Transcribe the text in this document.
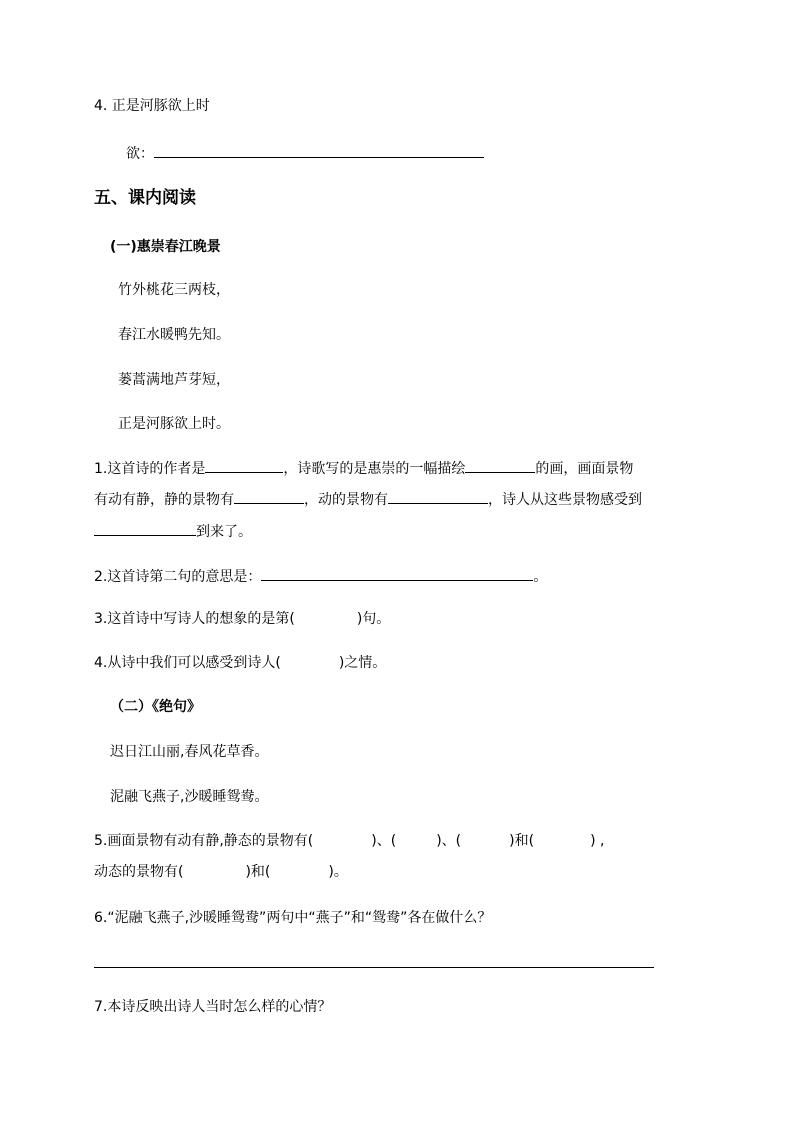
4. 正是河豚欲上时
欲：
五、课内阅读
(一)惠崇春江晚景
竹外桃花三两枝，
春江水暖鸭先知。
蒌蒿满地芦芽短，
正是河豚欲上时。
1.这首诗的作者是	，诗歌写的是惠崇的一幅描绘	的画，画面景物
有动有静，静的景物有	，动的景物有	，诗人从这些景物感受到
到来了。
2.这首诗第二句的意思是：	。
3.这首诗中写诗人的想象的是第(	)句。
4.从诗中我们可以感受到诗人(	)之情。
（二）《绝句》
迟日江山丽,春风花草香。
泥融飞燕子,沙暖睡鸳鸯。
5.画面景物有动有静,静态的景物有(	)、(	)、(	)和(	) ,
动态的景物有(	)和(	)。
6.“泥融飞燕子,沙暖睡鸳鸯”两句中“燕子”和“鸳鸯”各在做什么？
7.本诗反映出诗人当时怎么样的心情？
